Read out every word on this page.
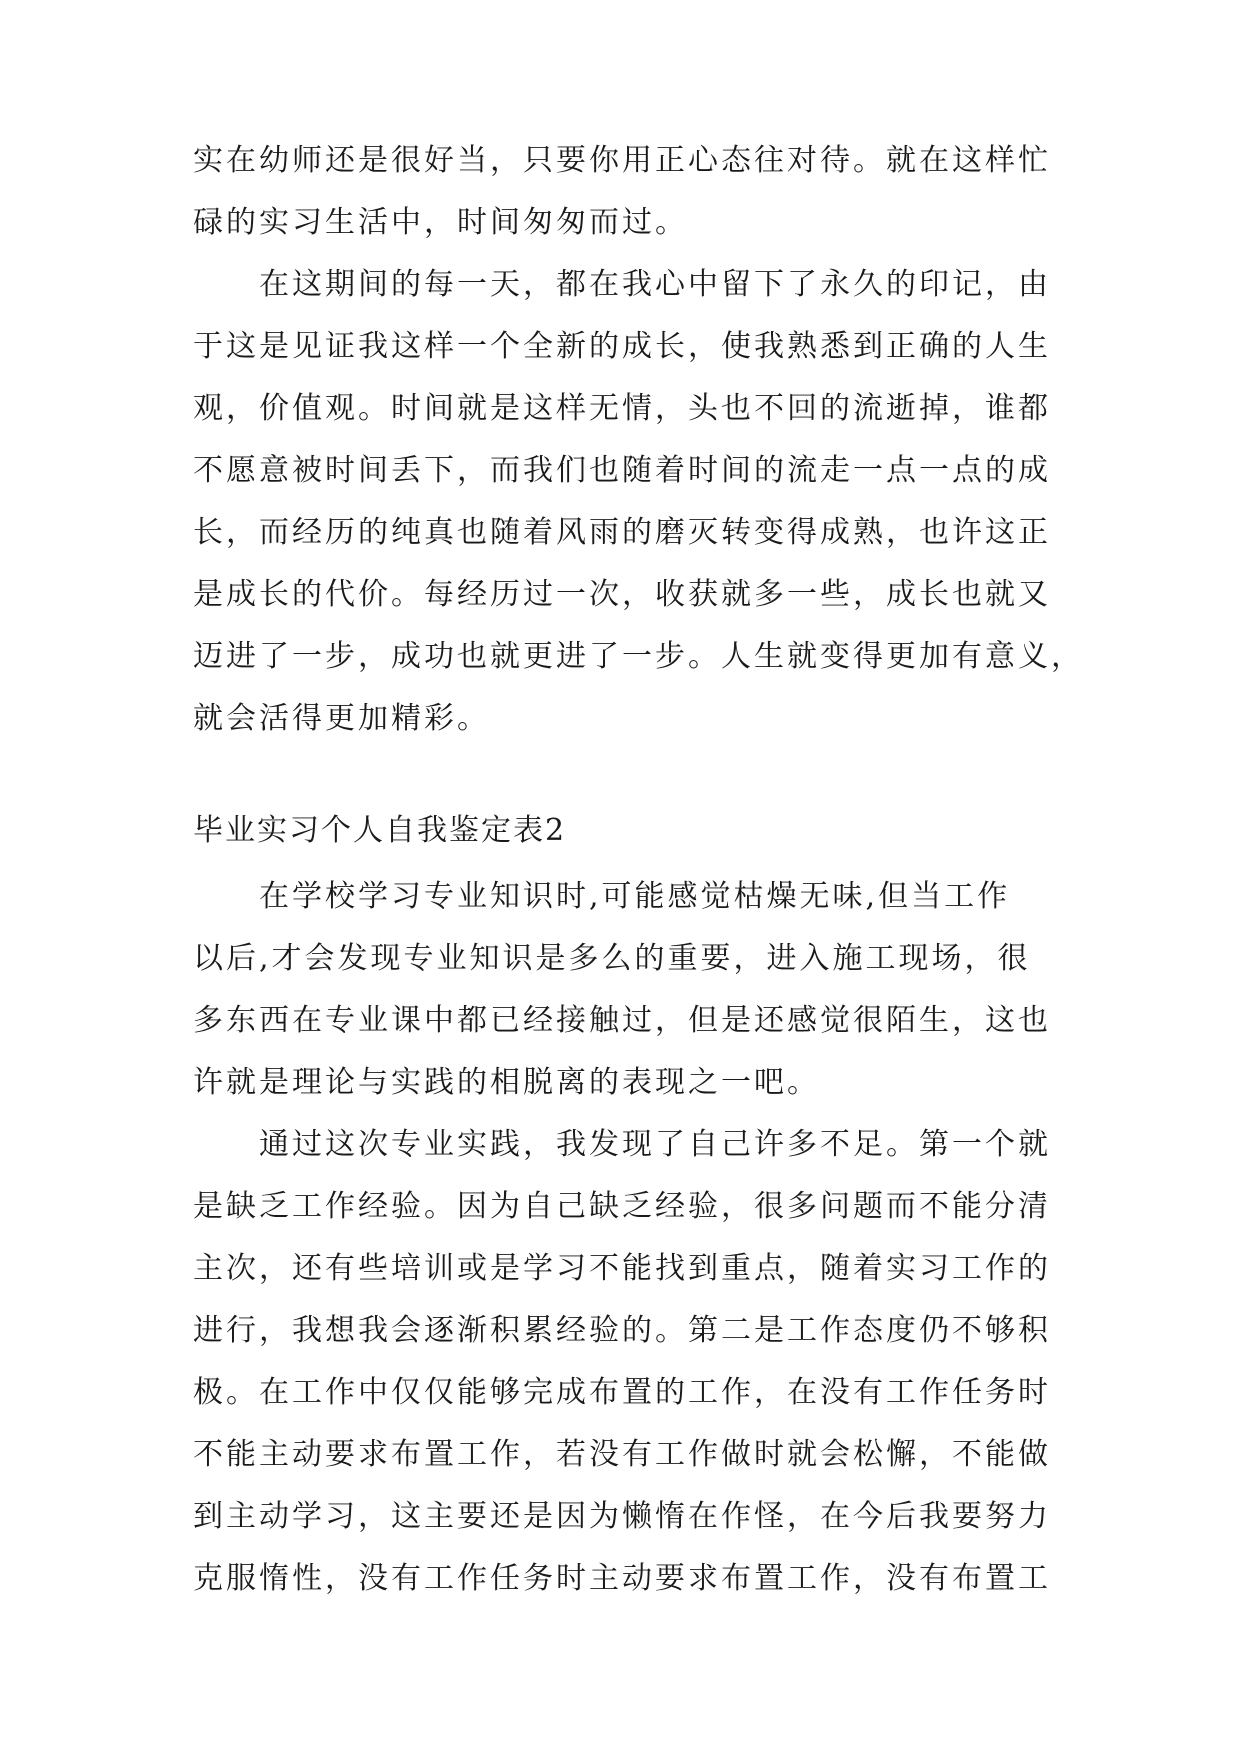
实在幼师还是很好当，只要你用正心态往对待。就在这样忙
碌的实习生活中，时间匆匆而过。
　　在这期间的每一天，都在我心中留下了永久的印记，由
于这是见证我这样一个全新的成长，使我熟悉到正确的人生
观，价值观。时间就是这样无情，头也不回的流逝掉，谁都
不愿意被时间丢下，而我们也随着时间的流走一点一点的成
长，而经历的纯真也随着风雨的磨灭转变得成熟，也许这正
是成长的代价。每经历过一次，收获就多一些，成长也就又
迈进了一步，成功也就更进了一步。人生就变得更加有意义，
就会活得更加精彩。
毕业实习个人自我鉴定表2
　　在学校学习专业知识时,可能感觉枯燥无味,但当工作
以后,才会发现专业知识是多么的重要，进入施工现场，很
多东西在专业课中都已经接触过，但是还感觉很陌生，这也
许就是理论与实践的相脱离的表现之一吧。
　　通过这次专业实践，我发现了自己许多不足。第一个就
是缺乏工作经验。因为自己缺乏经验，很多问题而不能分清
主次，还有些培训或是学习不能找到重点，随着实习工作的
进行，我想我会逐渐积累经验的。第二是工作态度仍不够积
极。在工作中仅仅能够完成布置的工作，在没有工作任务时
不能主动要求布置工作，若没有工作做时就会松懈，不能做
到主动学习，这主要还是因为懒惰在作怪，在今后我要努力
克服惰性，没有工作任务时主动要求布置工作，没有布置工
